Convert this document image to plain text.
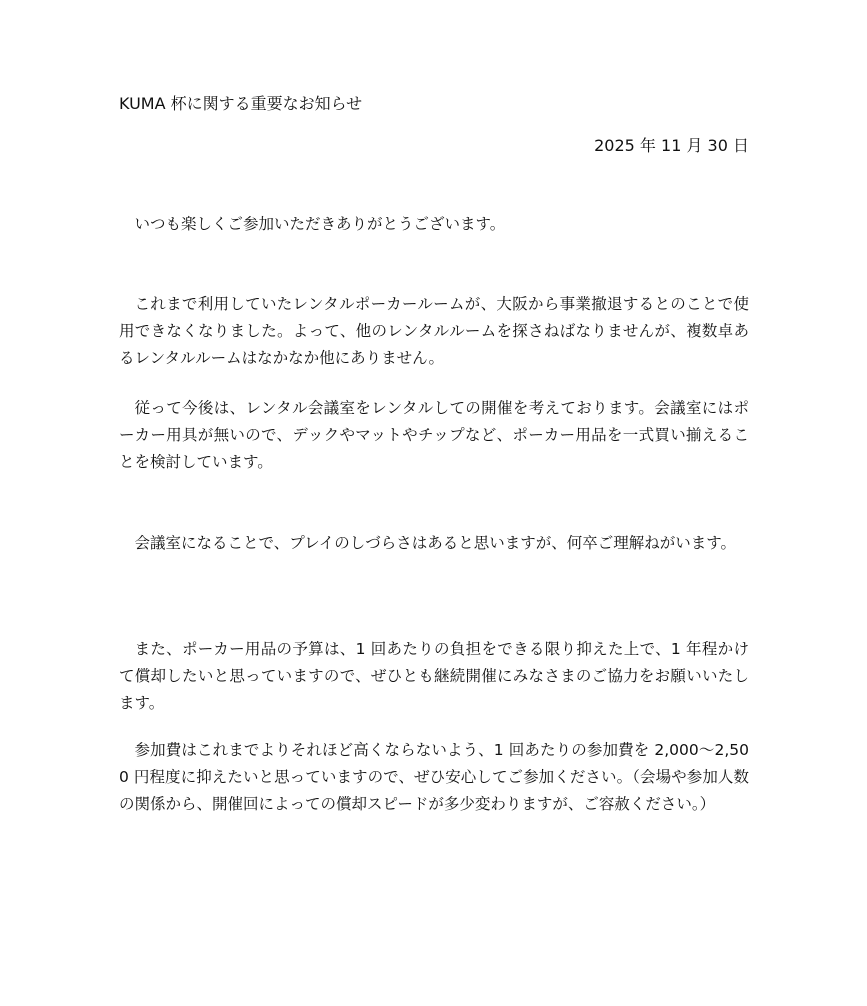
KUMA 杯に関する重要なお知らせ
2025 年 11 月 30 日

いつも楽しくご参加いただきありがとうございます。

これまで利用していたレンタルポーカールームが、大阪から事業撤退するとのことで使用できなくなりました。よって、他のレンタルルームを探さねばなりませんが、複数卓あるレンタルルームはなかなか他にありません。

従って今後は、レンタル会議室をレンタルしての開催を考えております。会議室にはポーカー用具が無いので、デックやマットやチップなど、ポーカー用品を一式買い揃えることを検討しています。

会議室になることで、プレイのしづらさはあると思いますが、何卒ご理解ねがいます。

また、ポーカー用品の予算は、1 回あたりの負担をできる限り抑えた上で、1 年程かけて償却したいと思っていますので、ぜひとも継続開催にみなさまのご協力をお願いいたします。

参加費はこれまでよりそれほど高くならないよう、1 回あたりの参加費を 2,000～2,500 円程度に抑えたいと思っていますので、ぜひ安心してご参加ください。（会場や参加人数の関係から、開催回によっての償却スピードが多少変わりますが、ご容赦ください。）
